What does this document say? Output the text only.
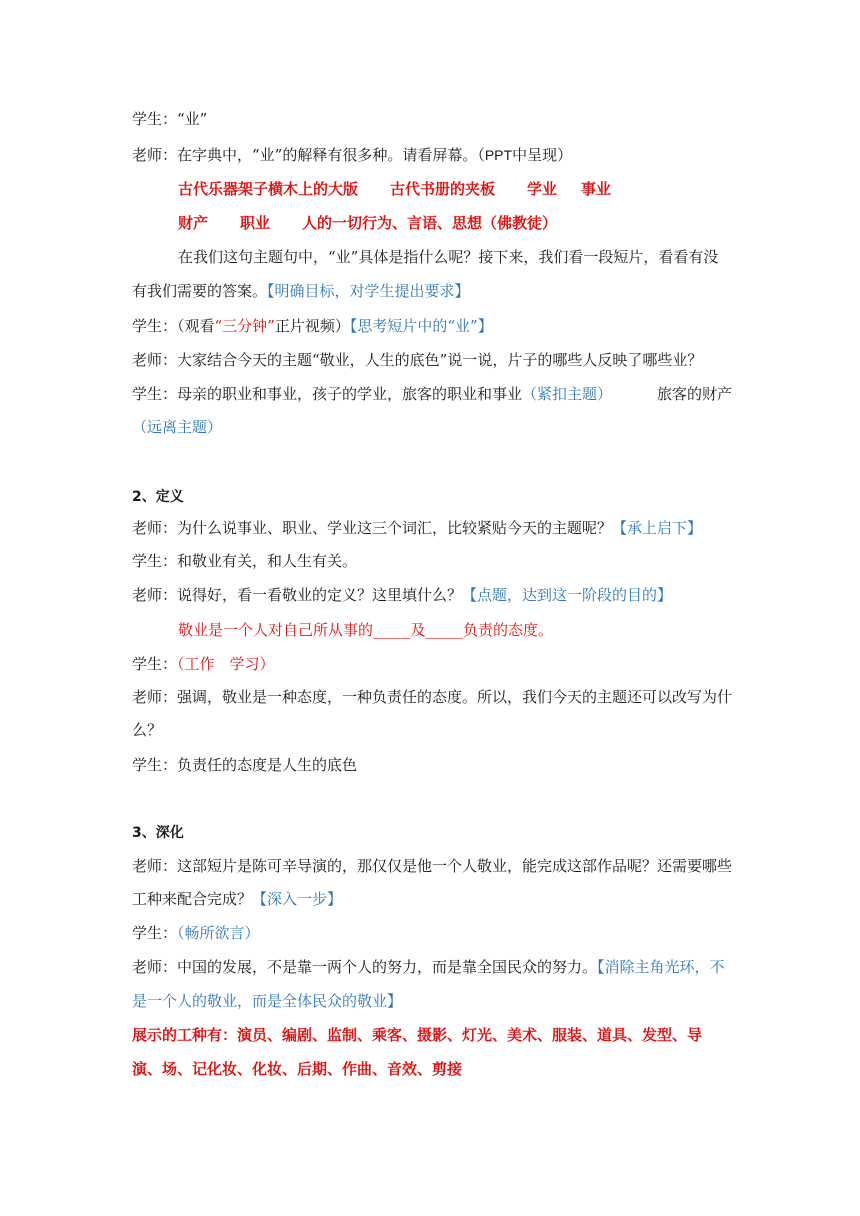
学生：“业”
老师：在字典中，“业”的解释有很多种。请看屏幕。（PPT中呈现）
古代乐器架子横木上的大版 古代书册的夹板 学业 事业
财产 职业 人的一切行为、言语、思想（佛教徒）
在我们这句主题句中，“业”具体是指什么呢？接下来，我们看一段短片，看看有没
有我们需要的答案。【明确目标，对学生提出要求】
学生：（观看“三分钟”正片视频）【思考短片中的“业”】
老师：大家结合今天的主题“敬业，人生的底色”说一说，片子的哪些人反映了哪些业？
学生：母亲的职业和事业，孩子的学业，旅客的职业和事业（紧扣主题）	旅客的财产
（远离主题）
2、定义
老师：为什么说事业、职业、学业这三个词汇，比较紧贴今天的主题呢？【承上启下】
学生：和敬业有关，和人生有关。
老师：说得好，看一看敬业的定义？这里填什么？【点题，达到这一阶段的目的】
敬业是一个人对自己所从事的_____及_____负责的态度。
学生：（工作　学习）
老师：强调，敬业是一种态度，一种负责任的态度。所以，我们今天的主题还可以改写为什
么？
学生：负责任的态度是人生的底色
3、深化
老师：这部短片是陈可辛导演的，那仅仅是他一个人敬业，能完成这部作品呢？还需要哪些
工种来配合完成？【深入一步】
学生：（畅所欲言）
老师：中国的发展，不是靠一两个人的努力，而是靠全国民众的努力。【消除主角光环，不
是一个人的敬业，而是全体民众的敬业】
展示的工种有：演员、编剧、监制、乘客、摄影、灯光、美术、服装、道具、发型、导
演、场、记化妆、化妆、后期、作曲、音效、剪接
